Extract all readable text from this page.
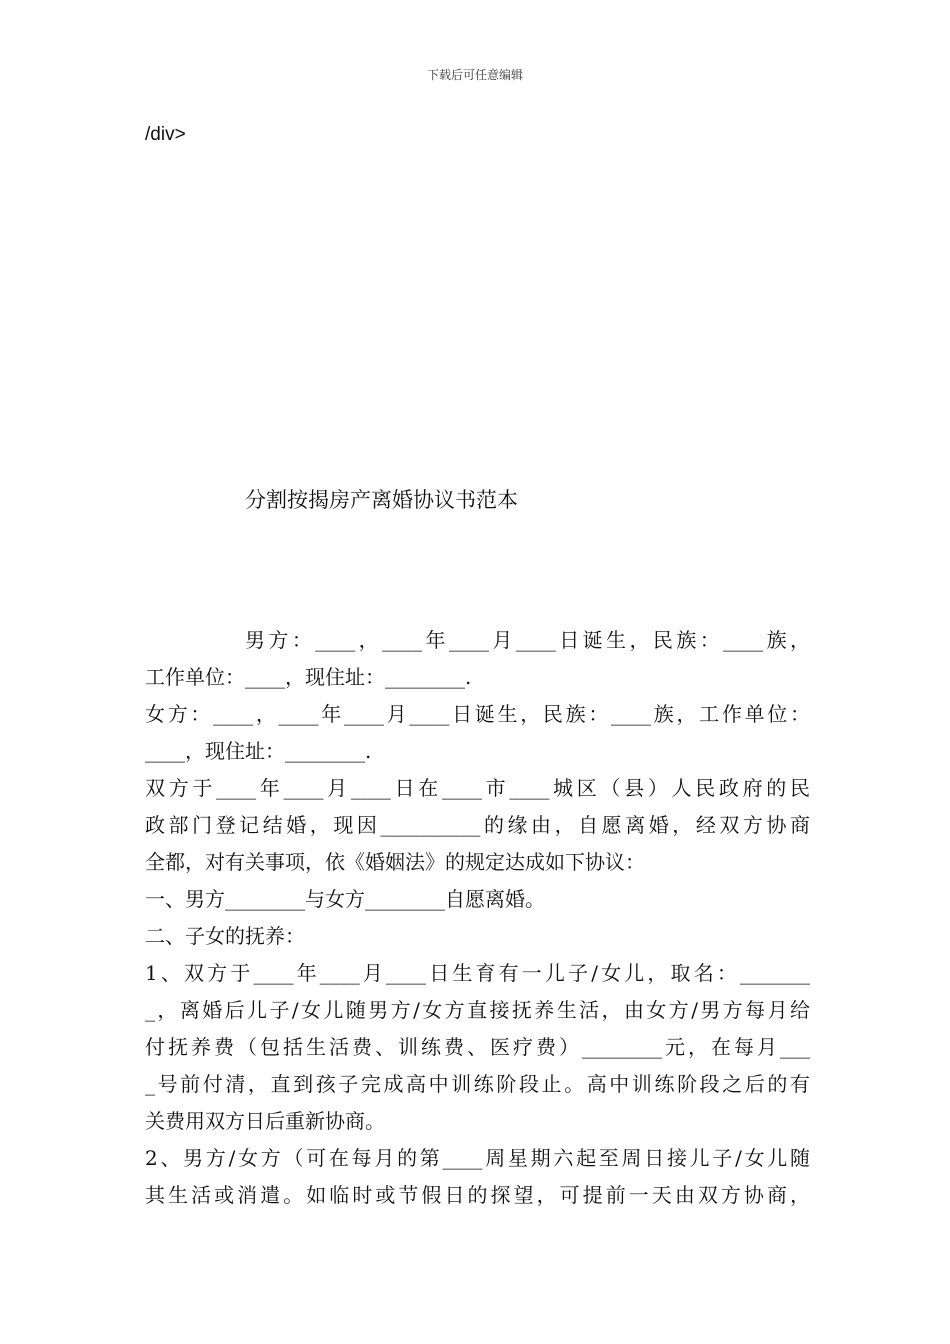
下载后可任意编辑
/div>
分割按揭房产离婚协议书范本
男方：____，____年____月____日诞生，民族：____族，
工作单位：____，现住址：________.
女方：____，____年____月____日诞生，民族：____族，工作单位：
____，现住址：________.
双方于____年____月____日在____市____城区（县）人民政府的民
政部门登记结婚，现因__________的缘由，自愿离婚，经双方协商
全都，对有关事项，依《婚姻法》的规定达成如下协议：
一、男方________与女方________自愿离婚。
二、子女的抚养：
1、双方于____年____月____日生育有一儿子/女儿，取名：_______
_，离婚后儿子/女儿随男方/女方直接抚养生活，由女方/男方每月给
付抚养费（包括生活费、训练费、医疗费）________元，在每月___
_号前付清，直到孩子完成高中训练阶段止。高中训练阶段之后的有
关费用双方日后重新协商。
2、男方/女方（可在每月的第____周星期六起至周日接儿子/女儿随
其生活或消遣。如临时或节假日的探望，可提前一天由双方协商，
